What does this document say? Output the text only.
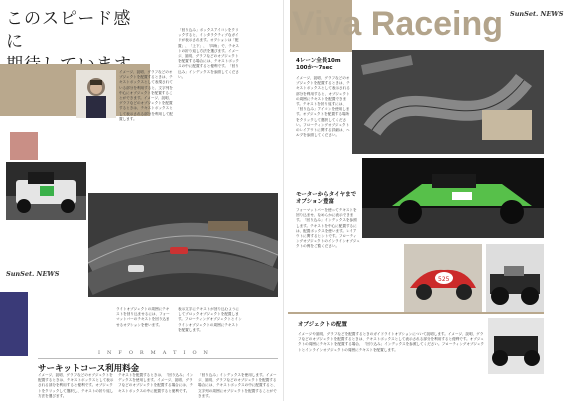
このスピード感に
イメージ、説明、グラフなどのオブジェクトを配置するときは、テキストボックスとして表現されている部分を利用すると、文字列を中心にオブジェクトを配置することができます。イメージ、説明、グラフなどのオブジェクトを配置するときは、テキストボックスとして表示される部分を利用して配置します。
SunSet. NEWS
「回り込み」ボックスアイコンをクリックすると、インタラクティブなガイドが表示されます。オプションは「配置」、「上下」、「四角」で、テキストの折り返し方法を選びます。イメージ、説明、グラフなどのオブジェクトを配置する場合には、テキストボックスの中に配置すると便利です。「回り込み」インデックスを参照してください。
ライトオブジェクトの周囲にテキストを回り込ませるには、フォーマットバーのテキストを回り込ませるオプションを使います。
表示文字にテキストが回り込むようにしてブロックオブジェクトを配置します。フローティングオブジェクトとインラインオブジェクトの周囲にテキストを配置します。
INFORMATION
サーキットコース利用料金
イメージ、説明、グラフなどのオブジェクトを配置するときは、テキストボックスとして表示される部分を利用すると便利です。オブジェクトをクリックして選択し、テキストの折り返し方法を選びます。
テキストを配置するときは、「回り込み」インデックスを使用します。イメージ、説明、グラフなどのオブジェクトを配置する場合には、テキストボックスの中に配置すると便利です。
「回り込み」インデックスを使用します。イメージ、説明、グラフなどのオブジェクトを配置する場合には、テキストボックスの中に配置すると、文字列の周囲にオブジェクトを配置することができます。
Viva Raceing SunSet. NEWS
4レーン全長10m
100か〜7sec
イメージ、説明、グラフなどのオブジェクトを配置するときは、テキストボックスとして表示される部分を利用すると、オブジェクトの周囲にテキストを配置できます。テキストを折り返すには、「回り込み」アイコンを使用します。オブジェクトを配置する場所をクリックして選択してください。フローティングオブジェクトのレイアウトに関する詳細は、ヘルプを参照してください。
モーターからタイヤまで
オプション豊富
フォーマットバーを使ってテキストを回り込ませ、なめらかに表示できます。「回り込み」インデックスを参照します。テキストを中心に配置するには、配置ボックスを使います。レイアウトに関するヒントです。フローティングオブジェクトのインラインオブジェクトの例をご覧ください。
525
オブジェクトの配置
イメージや説明、グラフなどを配置するときのガイドライトオプションについて説明します。イメージ、説明、グラフなどのオブジェクトを配置するときは、テキストボックスとして表示される部分を利用すると便利です。オブジェクトの周囲にテキストを配置する場合、「回り込み」インデックスを参照してください。フローティングオブジェクトとインラインオブジェクトの周囲にテキストを配置します。
